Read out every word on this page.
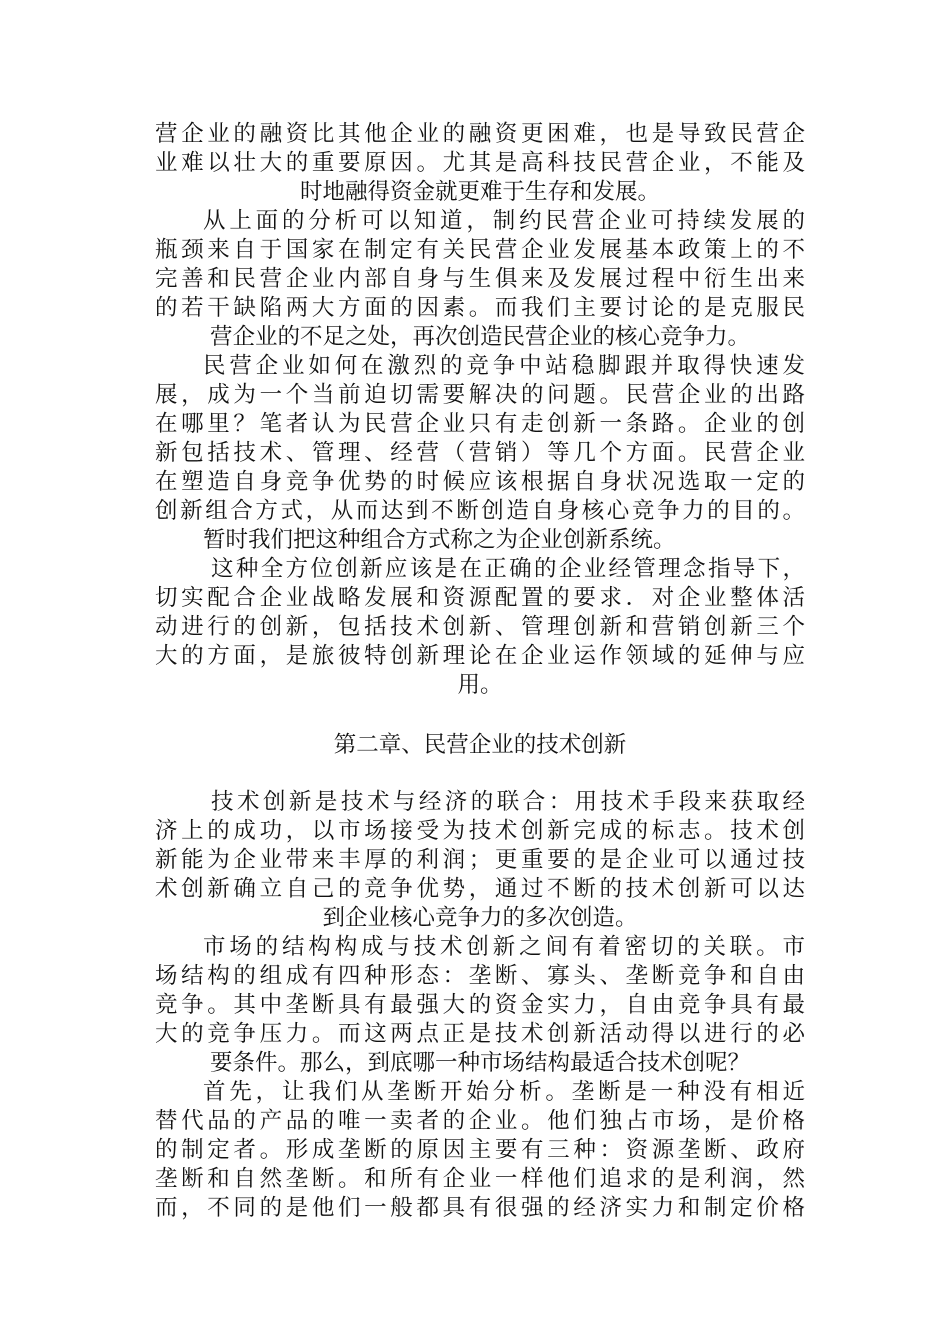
营企业的融资比其他企业的融资更困难，也是导致民营企
业难以壮大的重要原因。尤其是高科技民营企业，不能及
时地融得资金就更难于生存和发展。
从上面的分析可以知道，制约民营企业可持续发展的
瓶颈来自于国家在制定有关民营企业发展基本政策上的不
完善和民营企业内部自身与生俱来及发展过程中衍生出来
的若干缺陷两大方面的因素。而我们主要讨论的是克服民
营企业的不足之处，再次创造民营企业的核心竞争力。
民营企业如何在激烈的竞争中站稳脚跟并取得快速发
展，成为一个当前迫切需要解决的问题。民营企业的出路
在哪里？笔者认为民营企业只有走创新一条路。企业的创
新包括技术、管理、经营（营销）等几个方面。民营企业
在塑造自身竞争优势的时候应该根据自身状况选取一定的
创新组合方式，从而达到不断创造自身核心竞争力的目的。
暂时我们把这种组合方式称之为企业创新系统。
这种全方位创新应该是在正确的企业经管理念指导下，
切实配合企业战略发展和资源配置的要求．对企业整体活
动进行的创新，包括技术创新、管理创新和营销创新三个
大的方面，是旅彼特创新理论在企业运作领域的延伸与应
用。
第二章、民营企业的技术创新
技术创新是技术与经济的联合：用技术手段来获取经
济上的成功，以市场接受为技术创新完成的标志。技术创
新能为企业带来丰厚的利润；更重要的是企业可以通过技
术创新确立自己的竞争优势，通过不断的技术创新可以达
到企业核心竞争力的多次创造。
市场的结构构成与技术创新之间有着密切的关联。市
场结构的组成有四种形态：垄断、寡头、垄断竞争和自由
竞争。其中垄断具有最强大的资金实力，自由竞争具有最
大的竞争压力。而这两点正是技术创新活动得以进行的必
要条件。那么，到底哪一种市场结构最适合技术创呢？
首先，让我们从垄断开始分析。垄断是一种没有相近
替代品的产品的唯一卖者的企业。他们独占市场，是价格
的制定者。形成垄断的原因主要有三种：资源垄断、政府
垄断和自然垄断。和所有企业一样他们追求的是利润，然
而，不同的是他们一般都具有很强的经济实力和制定价格
